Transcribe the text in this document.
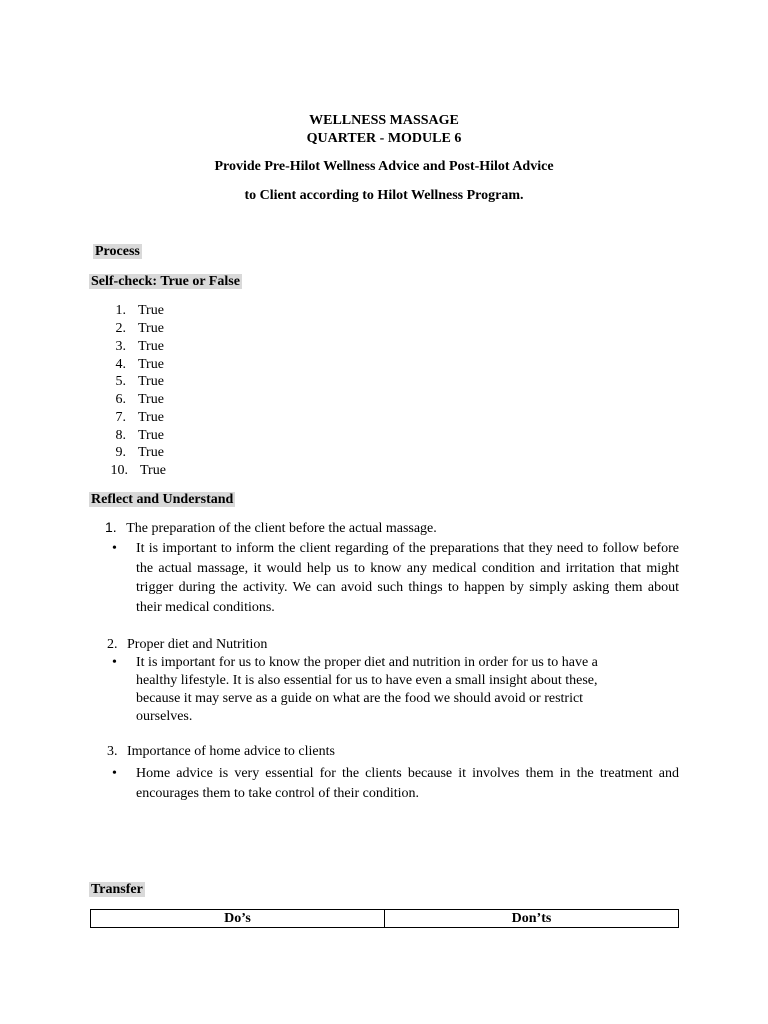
WELLNESS MASSAGE
QUARTER - MODULE 6
Provide Pre-Hilot Wellness Advice and Post-Hilot Advice
to Client according to Hilot Wellness Program.
Process
Self-check: True or False
1. True
2. True
3. True
4. True
5. True
6. True
7. True
8. True
9. True
10. True
Reflect and Understand
1. The preparation of the client before the actual massage.
• It is important to inform the client regarding of the preparations that they need to follow before the actual massage, it would help us to know any medical condition and irritation that might trigger during the activity. We can avoid such things to happen by simply asking them about their medical conditions.
2. Proper diet and Nutrition
• It is important for us to know the proper diet and nutrition in order for us to have a healthy lifestyle. It is also essential for us to have even a small insight about these, because it may serve as a guide on what are the food we should avoid or restrict ourselves.
3. Importance of home advice to clients
• Home advice is very essential for the clients because it involves them in the treatment and encourages them to take control of their condition.
Transfer
Do’s	Don’ts
